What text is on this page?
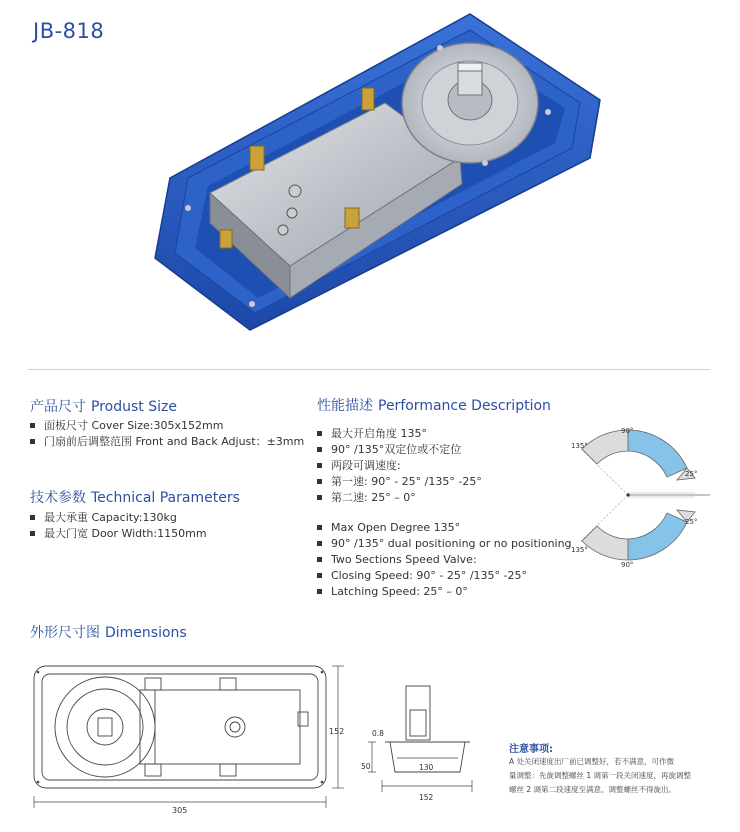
JB-818
产品尺寸 Produst Size
面板尺寸 Cover Size:305x152mm
门扇前后调整范围 Front and Back Adjust：±3mm
技术参数 Technical Parameters
最大承重 Capacity:130kg
最大门宽 Door Width:1150mm
性能描述 Performance Description
最大开启角度 135°
90° /135°双定位或不定位
两段可调速度:
第一速: 90° - 25° /135° -25°
第二速: 25° – 0°
Max Open Degree 135°
90° /135° dual positioning or no positioning
Two Sections Speed Valve:
Closing Speed: 90° - 25° /135° -25°
Latching Speed: 25° – 0°
90°
135°
25°
25°
135°
90°
外形尺寸图 Dimensions
305
152	0.8
50	130
152
注意事项:
A 处关闭速度出厂前已调整好，若不满意，可作微
量调整：先旋调整螺丝 1 调第一段关闭速度，再旋调整
螺丝 2 调第二段速度至满意。调整螺丝不得旋出。
